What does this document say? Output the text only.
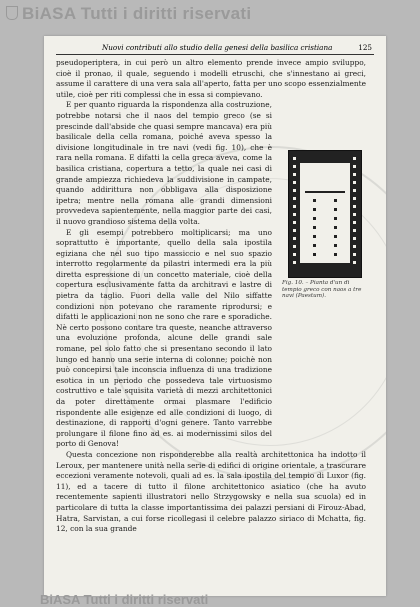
Nuovi contributi allo studio della genesi della basilica cristiana	125

pseudoperiptera, in cui però un altro elemento prende invece ampio sviluppo, cioè il pronao, il quale, seguendo i modelli etruschi, che s'innestano ai greci, assume il carattere di una vera sala all'aperto, fatta per uno scopo essenzialmente utile, cioè per riti complessi che in essa si compievano.

E per quanto riguarda la rispondenza alla costruzione, potrebbe notarsi che il naos del tempio greco (se si prescinde dall'abside che quasi sempre mancava) era più basilicale della cella romana, poiché aveva spesso la divisione longitudinale in tre navi (vedi fig. 10), che è rara nella romana. E difatti la cella greca aveva, come la basilica cristiana, copertura a tetto, la quale nei casi di grande ampiezza richiedeva la suddivisione in campate, quando addirittura non obbligava alla disposizione ipetra; mentre nella romana alle grandi dimensioni provvedeva sapientemente, nella maggior parte dei casi, il nuovo grandioso sistema della volta.

E gli esempi potrebbero moltiplicarsi; ma uno soprattutto è importante, quello della sala ipostila egiziana che nel suo tipo massiccio e nel suo spazio interrotto regolarmente da pilastri intermedi era la più diretta espressione di un concetto materiale, cioè della copertura esclusivamente fatta da architravi e lastre di pietra da taglio. Fuori della valle del Nilo siffatte condizioni non potevano che raramente riprodursi; e difatti le applicazioni non ne sono che rare e sporadiche. Nè certo possono contare tra queste, neanche attraverso una evoluzione profonda, alcune delle grandi sale romane, pel solo fatto che si presentano secondo il lato lungo ed hanno una serie interna di colonne; poichè non può concepirsi tale inconscia influenza di una tradizione esotica in un periodo che possedeva tale virtuosismo costruttivo e tale squisita varietà di mezzi architettonici da poter direttamente ormai plasmare l'edificio rispondente alle esigenze ed alle condizioni di luogo, di destinazione, di rapporti d'ogni genere. Tanto varrebbe prolungare il filone fino ad es. ai modernissimi silos del porto di Genova!

Questa concezione non risponderebbe alla realtà architettonica ha indotto il Leroux, per mantenere unità nella serie di edifici di origine orientale, a trascurare eccezioni veramente notevoli, quali ad es. la sala ipostila del tempio di Luxor (fig. 11), ed a tacere di tutto il filone architettonico asiatico (che ha avuto recentemente sapienti illustratori nello Strzygowsky e nella sua scuola) ed in particolare di tutta la classe importantissima dei palazzi persiani di Firouz-Abad, Hatra, Sarvistan, a cui forse ricollegasi il celebre palazzo siriaco di Mchatta, fig. 12, con la sua grande

Fig. 10. – Pianta d'un di tempio greco con naos a tre navi (Paestum).
BiASA Tutti i diritti riservati
BiASA Tutti i diritti riservati
